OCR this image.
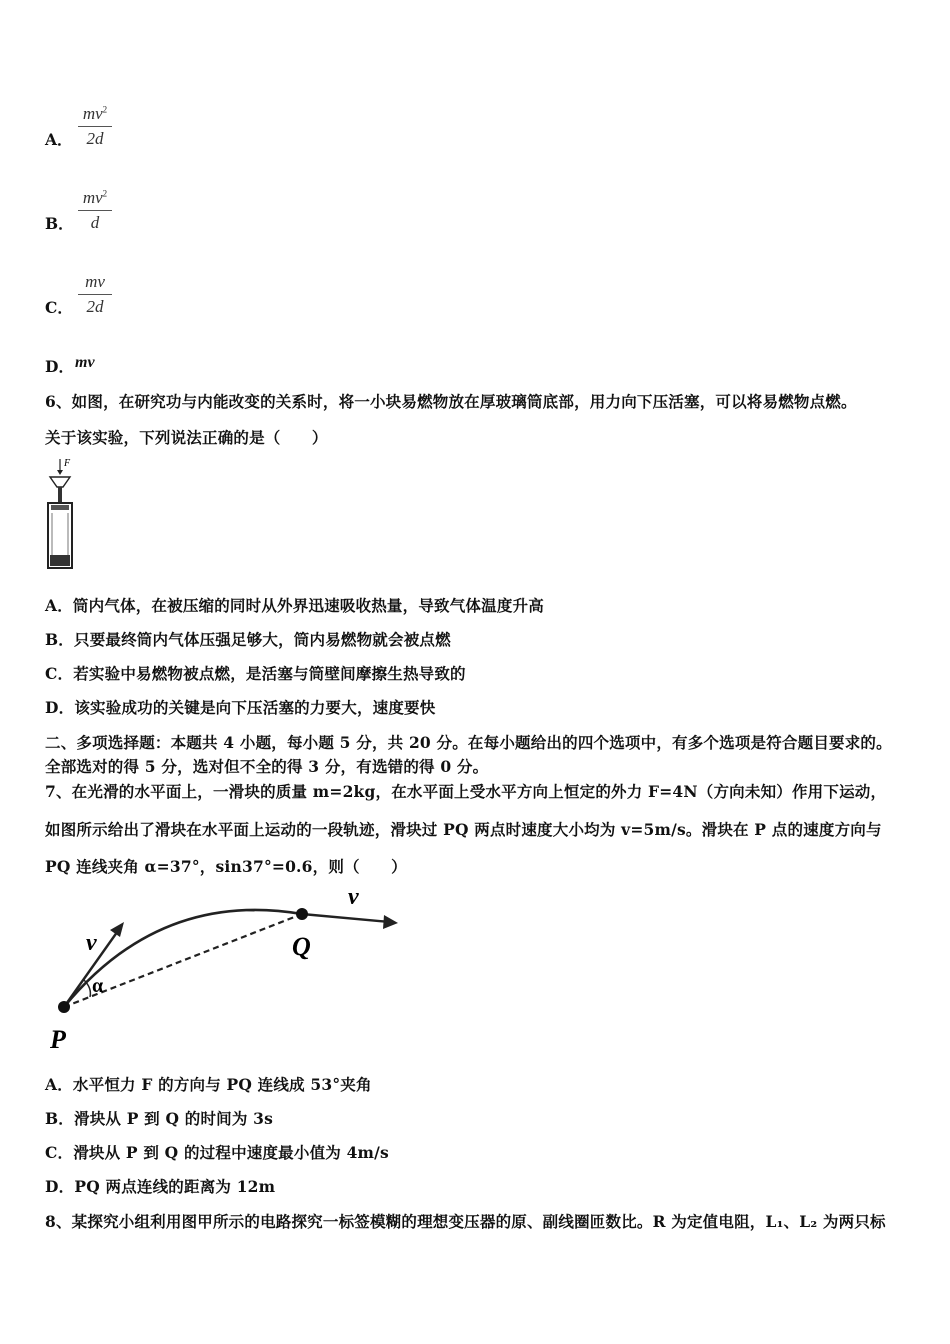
A． $\frac{mv^2}{2d}$
B． $\frac{mv^2}{d}$
C． $\frac{mv}{2d}$
D． mv
6、如图，在研究功与内能改变的关系时，将一小块易燃物放在厚玻璃筒底部，用力向下压活塞，可以将易燃物点燃。
关于该实验，下列说法正确的是（　　）
F
A．筒内气体，在被压缩的同时从外界迅速吸收热量，导致气体温度升高
B．只要最终筒内气体压强足够大，筒内易燃物就会被点燃
C．若实验中易燃物被点燃，是活塞与筒壁间摩擦生热导致的
D．该实验成功的关键是向下压活塞的力要大，速度要快
二、多项选择题：本题共 4 小题，每小题 5 分，共 20 分。在每小题给出的四个选项中，有多个选项是符合题目要求的。
全部选对的得 5 分，选对但不全的得 3 分，有选错的得 0 分。
7、在光滑的水平面上，一滑块的质量 m=2kg，在水平面上受水平方向上恒定的外力 F=4N（方向未知）作用下运动，
如图所示给出了滑块在水平面上运动的一段轨迹，滑块过 PQ 两点时速度大小均为 v=5m/s。滑块在 P 点的速度方向与
PQ 连线夹角 α=37°，sin37°=0.6，则（　　）
P
Q
v
v
α
A．水平恒力 F 的方向与 PQ 连线成 53°夹角
B．滑块从 P 到 Q 的时间为 3s
C．滑块从 P 到 Q 的过程中速度最小值为 4m/s
D．PQ 两点连线的距离为 12m
8、某探究小组利用图甲所示的电路探究一标签模糊的理想变压器的原、副线圈匝数比。R 为定值电阻，L₁、L₂ 为两只标
